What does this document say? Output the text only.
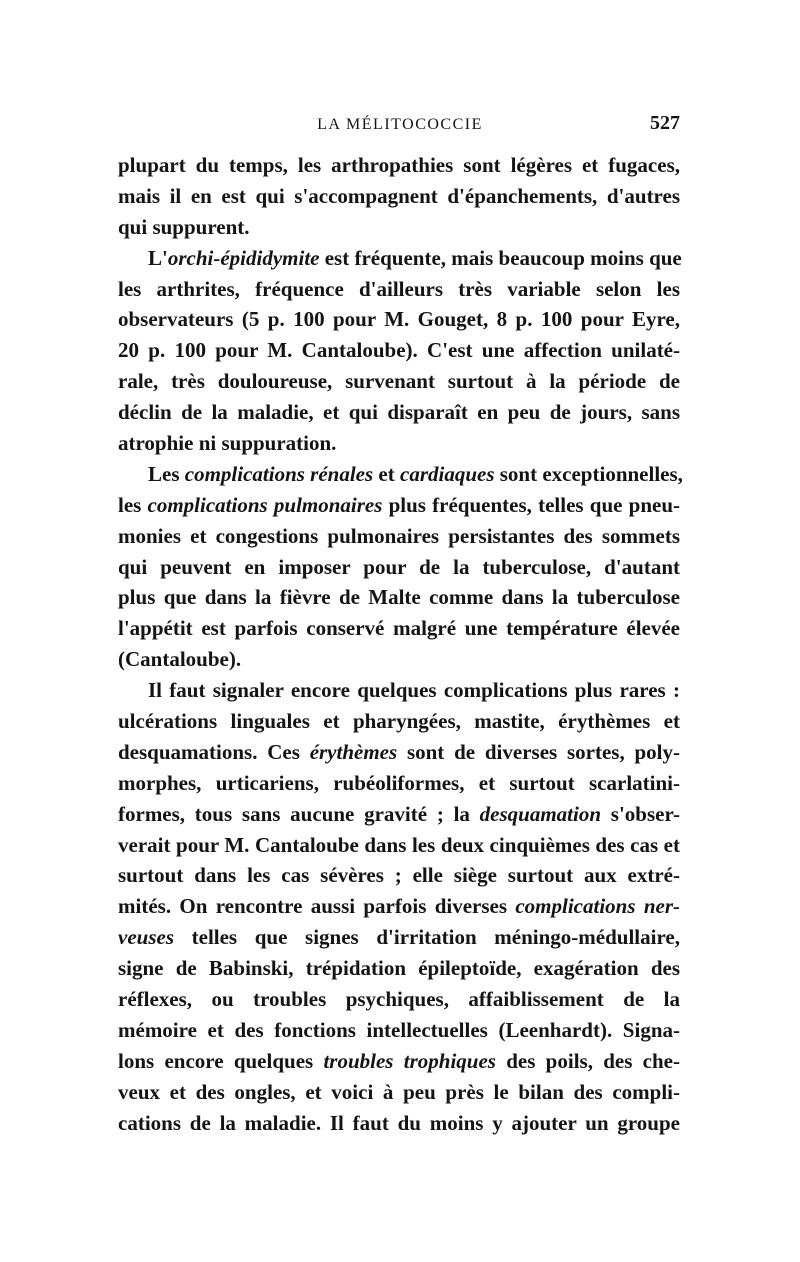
LA MÉLITOCOCCIE	527
plupart du temps, les arthropathies sont légères et fugaces,
mais il en est qui s'accompagnent d'épanchements, d'autres
qui suppurent.
L'orchi-épididymite est fréquente, mais beaucoup moins que
les arthrites, fréquence d'ailleurs très variable selon les
observateurs (5 p. 100 pour M. Gouget, 8 p. 100 pour Eyre,
20 p. 100 pour M. Cantaloube). C'est une affection unilaté-
rale, très douloureuse, survenant surtout à la période de
déclin de la maladie, et qui disparaît en peu de jours, sans
atrophie ni suppuration.
Les complications rénales et cardiaques sont exceptionnelles,
les complications pulmonaires plus fréquentes, telles que pneu-
monies et congestions pulmonaires persistantes des sommets
qui peuvent en imposer pour de la tuberculose, d'autant
plus que dans la fièvre de Malte comme dans la tuberculose
l'appétit est parfois conservé malgré une température élevée
(Cantaloube).
Il faut signaler encore quelques complications plus rares :
ulcérations linguales et pharyngées, mastite, érythèmes et
desquamations. Ces érythèmes sont de diverses sortes, poly-
morphes, urticariens, rubéoliformes, et surtout scarlatini-
formes, tous sans aucune gravité ; la desquamation s'obser-
verait pour M. Cantaloube dans les deux cinquièmes des cas et
surtout dans les cas sévères ; elle siège surtout aux extré-
mités. On rencontre aussi parfois diverses complications ner-
veuses telles que signes d'irritation méningo-médullaire,
signe de Babinski, trépidation épileptoïde, exagération des
réflexes, ou troubles psychiques, affaiblissement de la
mémoire et des fonctions intellectuelles (Leenhardt). Signa-
lons encore quelques troubles trophiques des poils, des che-
veux et des ongles, et voici à peu près le bilan des compli-
cations de la maladie. Il faut du moins y ajouter un groupe
